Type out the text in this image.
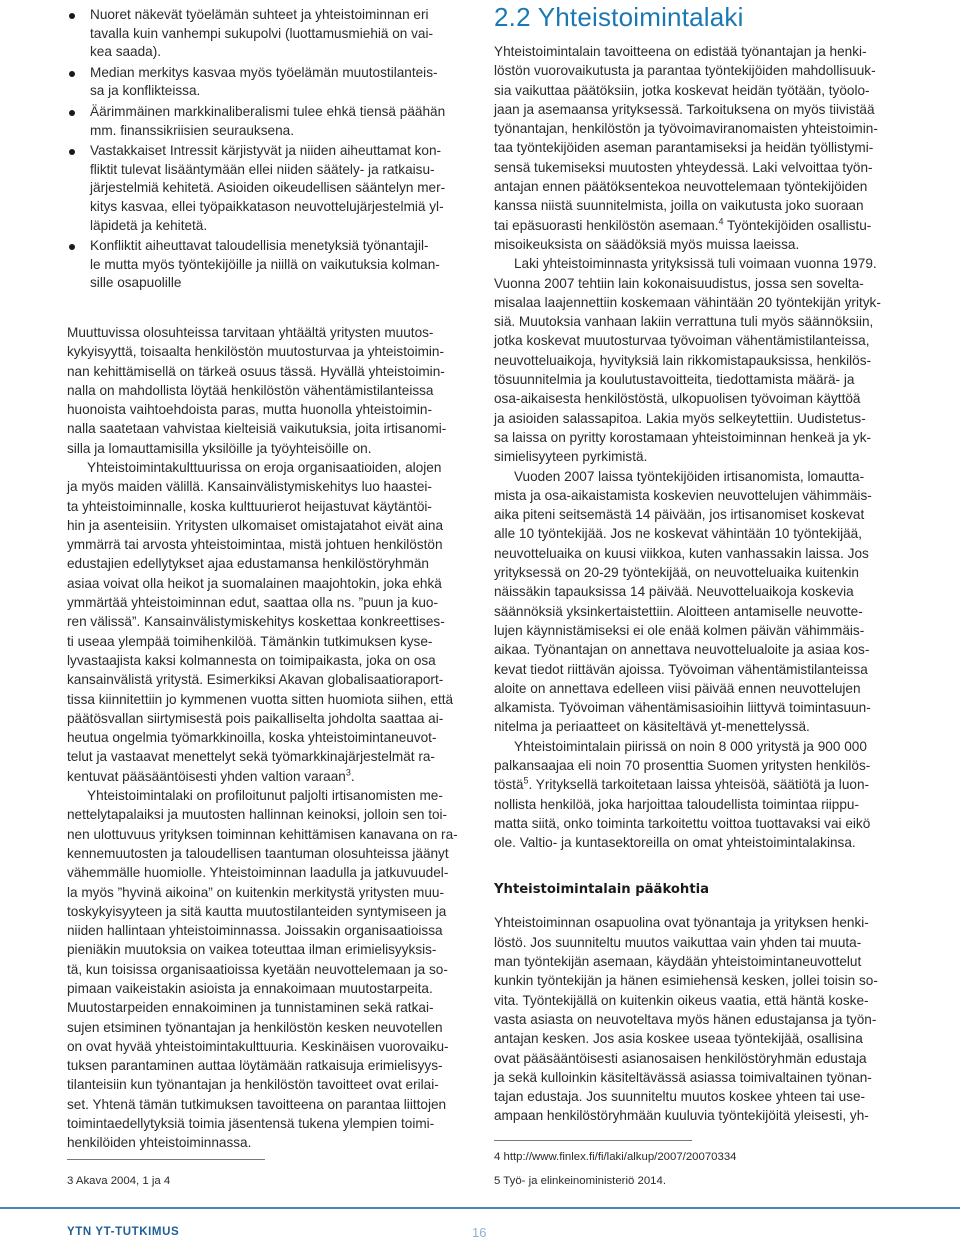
Nuoret näkevät työelämän suhteet ja yhteistoiminnan eri
tavalla kuin vanhempi sukupolvi (luottamusmiehiä on vai-
kea saada).
Median merkitys kasvaa myös työelämän muutostilanteis-
sa ja konflikteissa.
Äärimmäinen markkinaliberalismi tulee ehkä tiensä päähän
mm. finanssikriisien seurauksena.
Vastakkaiset Intressit kärjistyvät ja niiden aiheuttamat kon-
fliktit tulevat lisääntymään ellei niiden säätely- ja ratkaisu-
järjestelmiä kehitetä. Asioiden oikeudellisen sääntelyn mer-
kitys kasvaa, ellei työpaikkatason neuvottelujärjestelmiä yl-
läpidetä ja kehitetä.
Konfliktit aiheuttavat taloudellisia menetyksiä työnantajil-
le mutta myös työntekijöille ja niillä on vaikutuksia kolman-
sille osapuolille

Muuttuvissa olosuhteissa tarvitaan yhtäältä yritysten muutos-
kykyisyyttä, toisaalta henkilöstön muutosturvaa ja yhteistoimin-
nan kehittämisellä on tärkeä osuus tässä. Hyvällä yhteistoimin-
nalla on mahdollista löytää henkilöstön vähentämistilanteissa
huonoista vaihtoehdoista paras, mutta huonolla yhteistoimin-
nalla saatetaan vahvistaa kielteisiä vaikutuksia, joita irtisanomi-
silla ja lomauttamisilla yksilöille ja työyhteisöille on.

Yhteistoimintakulttuurissa on eroja organisaatioiden, alojen
ja myös maiden välillä. Kansainvälistymiskehitys luo haastei-
ta yhteistoiminnalle, koska kulttuurierot heijastuvat käytäntöi-
hin ja asenteisiin. Yritysten ulkomaiset omistajatahot eivät aina
ymmärrä tai arvosta yhteistoimintaa, mistä johtuen henkilöstön
edustajien edellytykset ajaa edustamansa henkilöstöryhmän
asiaa voivat olla heikot ja suomalainen maajohtokin, joka ehkä
ymmärtää yhteistoiminnan edut, saattaa olla ns. ”puun ja kuo-
ren välissä”. Kansainvälistymiskehitys koskettaa konkreettises-
ti useaa ylempää toimihenkilöä. Tämänkin tutkimuksen kyse-
lyvastaajista kaksi kolmannesta on toimipaikasta, joka on osa
kansainvälistä yritystä. Esimerkiksi Akavan globalisaatioraport-
tissa kiinnitettiin jo kymmenen vuotta sitten huomiota siihen, että
päätösvallan siirtymisestä pois paikalliselta johdolta saattaa ai-
heutua ongelmia työmarkkinoilla, koska yhteistoimintaneuvot-
telut ja vastaavat menettelyt sekä työmarkkinajärjestelmät ra-
kentuvat pääsääntöisesti yhden valtion varaan$^3$.

Yhteistoimintalaki on profiloitunut paljolti irtisanomisten me-
nettelytapalaiksi ja muutosten hallinnan keinoksi, jolloin sen toi-
nen ulottuvuus yrityksen toiminnan kehittämisen kanavana on ra-
kennemuutosten ja taloudellisen taantuman olosuhteissa jäänyt
vähemmälle huomiolle. Yhteistoiminnan laadulla ja jatkuvuudel-
la myös ”hyvinä aikoina” on kuitenkin merkitystä yritysten muu-
toskykyisyyteen ja sitä kautta muutostilanteiden syntymiseen ja
niiden hallintaan yhteistoiminnassa. Joissakin organisaatioissa
pieniäkin muutoksia on vaikea toteuttaa ilman erimielisyyksis-
tä, kun toisissa organisaatioissa kyetään neuvottelemaan ja so-
pimaan vaikeistakin asioista ja ennakoimaan muutostarpeita.
Muutostarpeiden ennakoiminen ja tunnistaminen sekä ratkai-
sujen etsiminen työnantajan ja henkilöstön kesken neuvotellen
on ovat hyvää yhteistoimintakulttuuria. Keskinäisen vuorovaiku-
tuksen parantaminen auttaa löytämään ratkaisuja erimielisyys-
tilanteisiin kun työnantajan ja henkilöstön tavoitteet ovat erilai-
set. Yhtenä tämän tutkimuksen tavoitteena on parantaa liittojen
toimintaedellytyksiä toimia jäsentensä tukena ylempien toimi-
henkilöiden yhteistoiminnassa.

2.2 Yhteistoimintalaki

Yhteistoimintalain tavoitteena on edistää työnantajan ja henki-
löstön vuorovaikutusta ja parantaa työntekijöiden mahdollisuuk-
sia vaikuttaa päätöksiin, jotka koskevat heidän työtään, työolo-
jaan ja asemaansa yrityksessä. Tarkoituksena on myös tiivistää
työnantajan, henkilöstön ja työvoimaviranomaisten yhteistoimin-
taa työntekijöiden aseman parantamiseksi ja heidän työllistymi-
sensä tukemiseksi muutosten yhteydessä. Laki velvoittaa työn-
antajan ennen päätöksentekoa neuvottelemaan työntekijöiden
kanssa niistä suunnitelmista, joilla on vaikutusta joko suoraan
tai epäsuorasti henkilöstön asemaan.$^4$ Työntekijöiden osallistu-
misoikeuksista on säädöksiä myös muissa laeissa.

Laki yhteistoiminnasta yrityksissä tuli voimaan vuonna 1979.
Vuonna 2007 tehtiin lain kokonaisuudistus, jossa sen soveltа-
misalaa laajennettiin koskemaan vähintään 20 työntekijän yrityk-
siä. Muutoksia vanhaan lakiin verrattuna tuli myös säännöksiin,
jotka koskevat muutosturvaa työvoiman vähentämistilanteissa,
neuvotteluaikoja, hyvityksiä lain rikkomistapauksissa, henkilös-
tösuunnitelmia ja koulutustavoitteita, tiedottamista määrä- ja
osa-aikaisesta henkilöstöstä, ulkopuolisen työvoiman käyttöä
ja asioiden salassapitoa. Lakia myös selkeytettiin. Uudistetus-
sa laissa on pyritty korostamaan yhteistoiminnan henkeä ja yk-
simielisyyteen pyrkimistä.

Vuoden 2007 laissa työntekijöiden irtisanomista, lomautta-
mista ja osa-aikaistamista koskevien neuvottelujen vähimmäis-
aika piteni seitsemästä 14 päivään, jos irtisanomiset koskevat
alle 10 työntekijää. Jos ne koskevat vähintään 10 työntekijää,
neuvotteluaika on kuusi viikkoa, kuten vanhassakin laissa. Jos
yrityksessä on 20-29 työntekijää, on neuvotteluaika kuitenkin
näissäkin tapauksissa 14 päivää. Neuvotteluaikoja koskevia
säännöksiä yksinkertaistettiin. Aloitteen antamiselle neuvotte-
lujen käynnistämiseksi ei ole enää kolmen päivän vähimmäis-
aikaa. Työnantajan on annettava neuvottelualoite ja asiaa kos-
kevat tiedot riittävän ajoissa. Työvoiman vähentämistilanteissa
aloite on annettava edelleen viisi päivää ennen neuvottelujen
alkamista. Työvoiman vähentämisasioihin liittyvä toimintasuun-
nitelma ja periaatteet on käsiteltävä yt-menettelyssä.

Yhteistoimintalain piirissä on noin 8 000 yritystä ja 900 000
palkansaajaa eli noin 70 prosenttia Suomen yritysten henkilös-
töstä$^5$. Yrityksellä tarkoitetaan laissa yhteisöä, säätiötä ja luon-
nollista henkilöä, joka harjoittaa taloudellista toimintaa riippu-
matta siitä, onko toiminta tarkoitettu voittoa tuottavaksi vai eikö
ole. Valtio- ja kuntasektoreilla on omat yhteistoimintalakinsa.

Yhteistoimintalain pääkohtia

Yhteistoiminnan osapuolina ovat työnantaja ja yrityksen henki-
löstö. Jos suunniteltu muutos vaikuttaa vain yhden tai muuta-
man työntekijän asemaan, käydään yhteistoimintaneuvottelut
kunkin työntekijän ja hänen esimiehensä kesken, jollei toisin so-
vita. Työntekijällä on kuitenkin oikeus vaatia, että häntä koske-
vasta asiasta on neuvoteltava myös hänen edustajansa ja työn-
antajan kesken. Jos asia koskee useaa työntekijää, osallisina
ovat pääsääntöisesti asianosaisen henkilöstöryhmän edustaja
ja sekä kulloinkin käsiteltävässä asiassa toimivaltainen työnan-
tajan edustaja. Jos suunniteltu muutos koskee yhteen tai use-
ampaan henkilöstöryhmään kuuluvia työntekijöitä yleisesti, yh-

3 Akava 2004, 1 ja 4
4 http://www.finlex.fi/fi/laki/alkup/2007/20070334
5 Työ- ja elinkeinoministeriö 2014.
YTN YT-TUTKIMUS	16
